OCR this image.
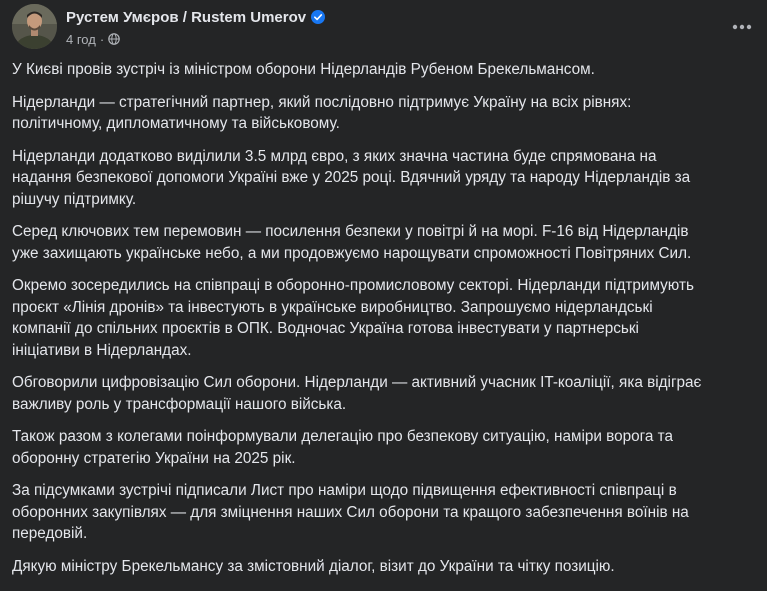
Рустем Умєров / Rustem Umerov
4 год ·
У Києві провів зустріч із міністром оборони Нідерландів Рубеном Брекельмансом.
Нідерланди — стратегічний партнер, який послідовно підтримує Україну на всіх рівнях:
політичному, дипломатичному та військовому.
Нідерланди додатково виділили 3.5 млрд євро, з яких значна частина буде спрямована на
надання безпекової допомоги Україні вже у 2025 році. Вдячний уряду та народу Нідерландів за
рішучу підтримку.
Серед ключових тем перемовин — посилення безпеки у повітрі й на морі. F-16 від Нідерландів
уже захищають українське небо, а ми продовжуємо нарощувати спроможності Повітряних Сил.
Окремо зосередились на співпраці в оборонно-промисловому секторі. Нідерланди підтримують
проєкт «Лінія дронів» та інвестують в українське виробництво. Запрошуємо нідерландські
компанії до спільних проєктів в ОПК. Водночас Україна готова інвестувати у партнерські
ініціативи в Нідерландах.
Обговорили цифровізацію Сил оборони. Нідерланди — активний учасник IT-коаліції, яка відіграє
важливу роль у трансформації нашого війська.
Також разом з колегами поінформували делегацію про безпекову ситуацію, наміри ворога та
оборонну стратегію України на 2025 рік.
За підсумками зустрічі підписали Лист про наміри щодо підвищення ефективності співпраці в
оборонних закупівлях — для зміцнення наших Сил оборони та кращого забезпечення воїнів на
передовій.
Дякую міністру Брекельмансу за змістовний діалог, візит до України та чітку позицію.
